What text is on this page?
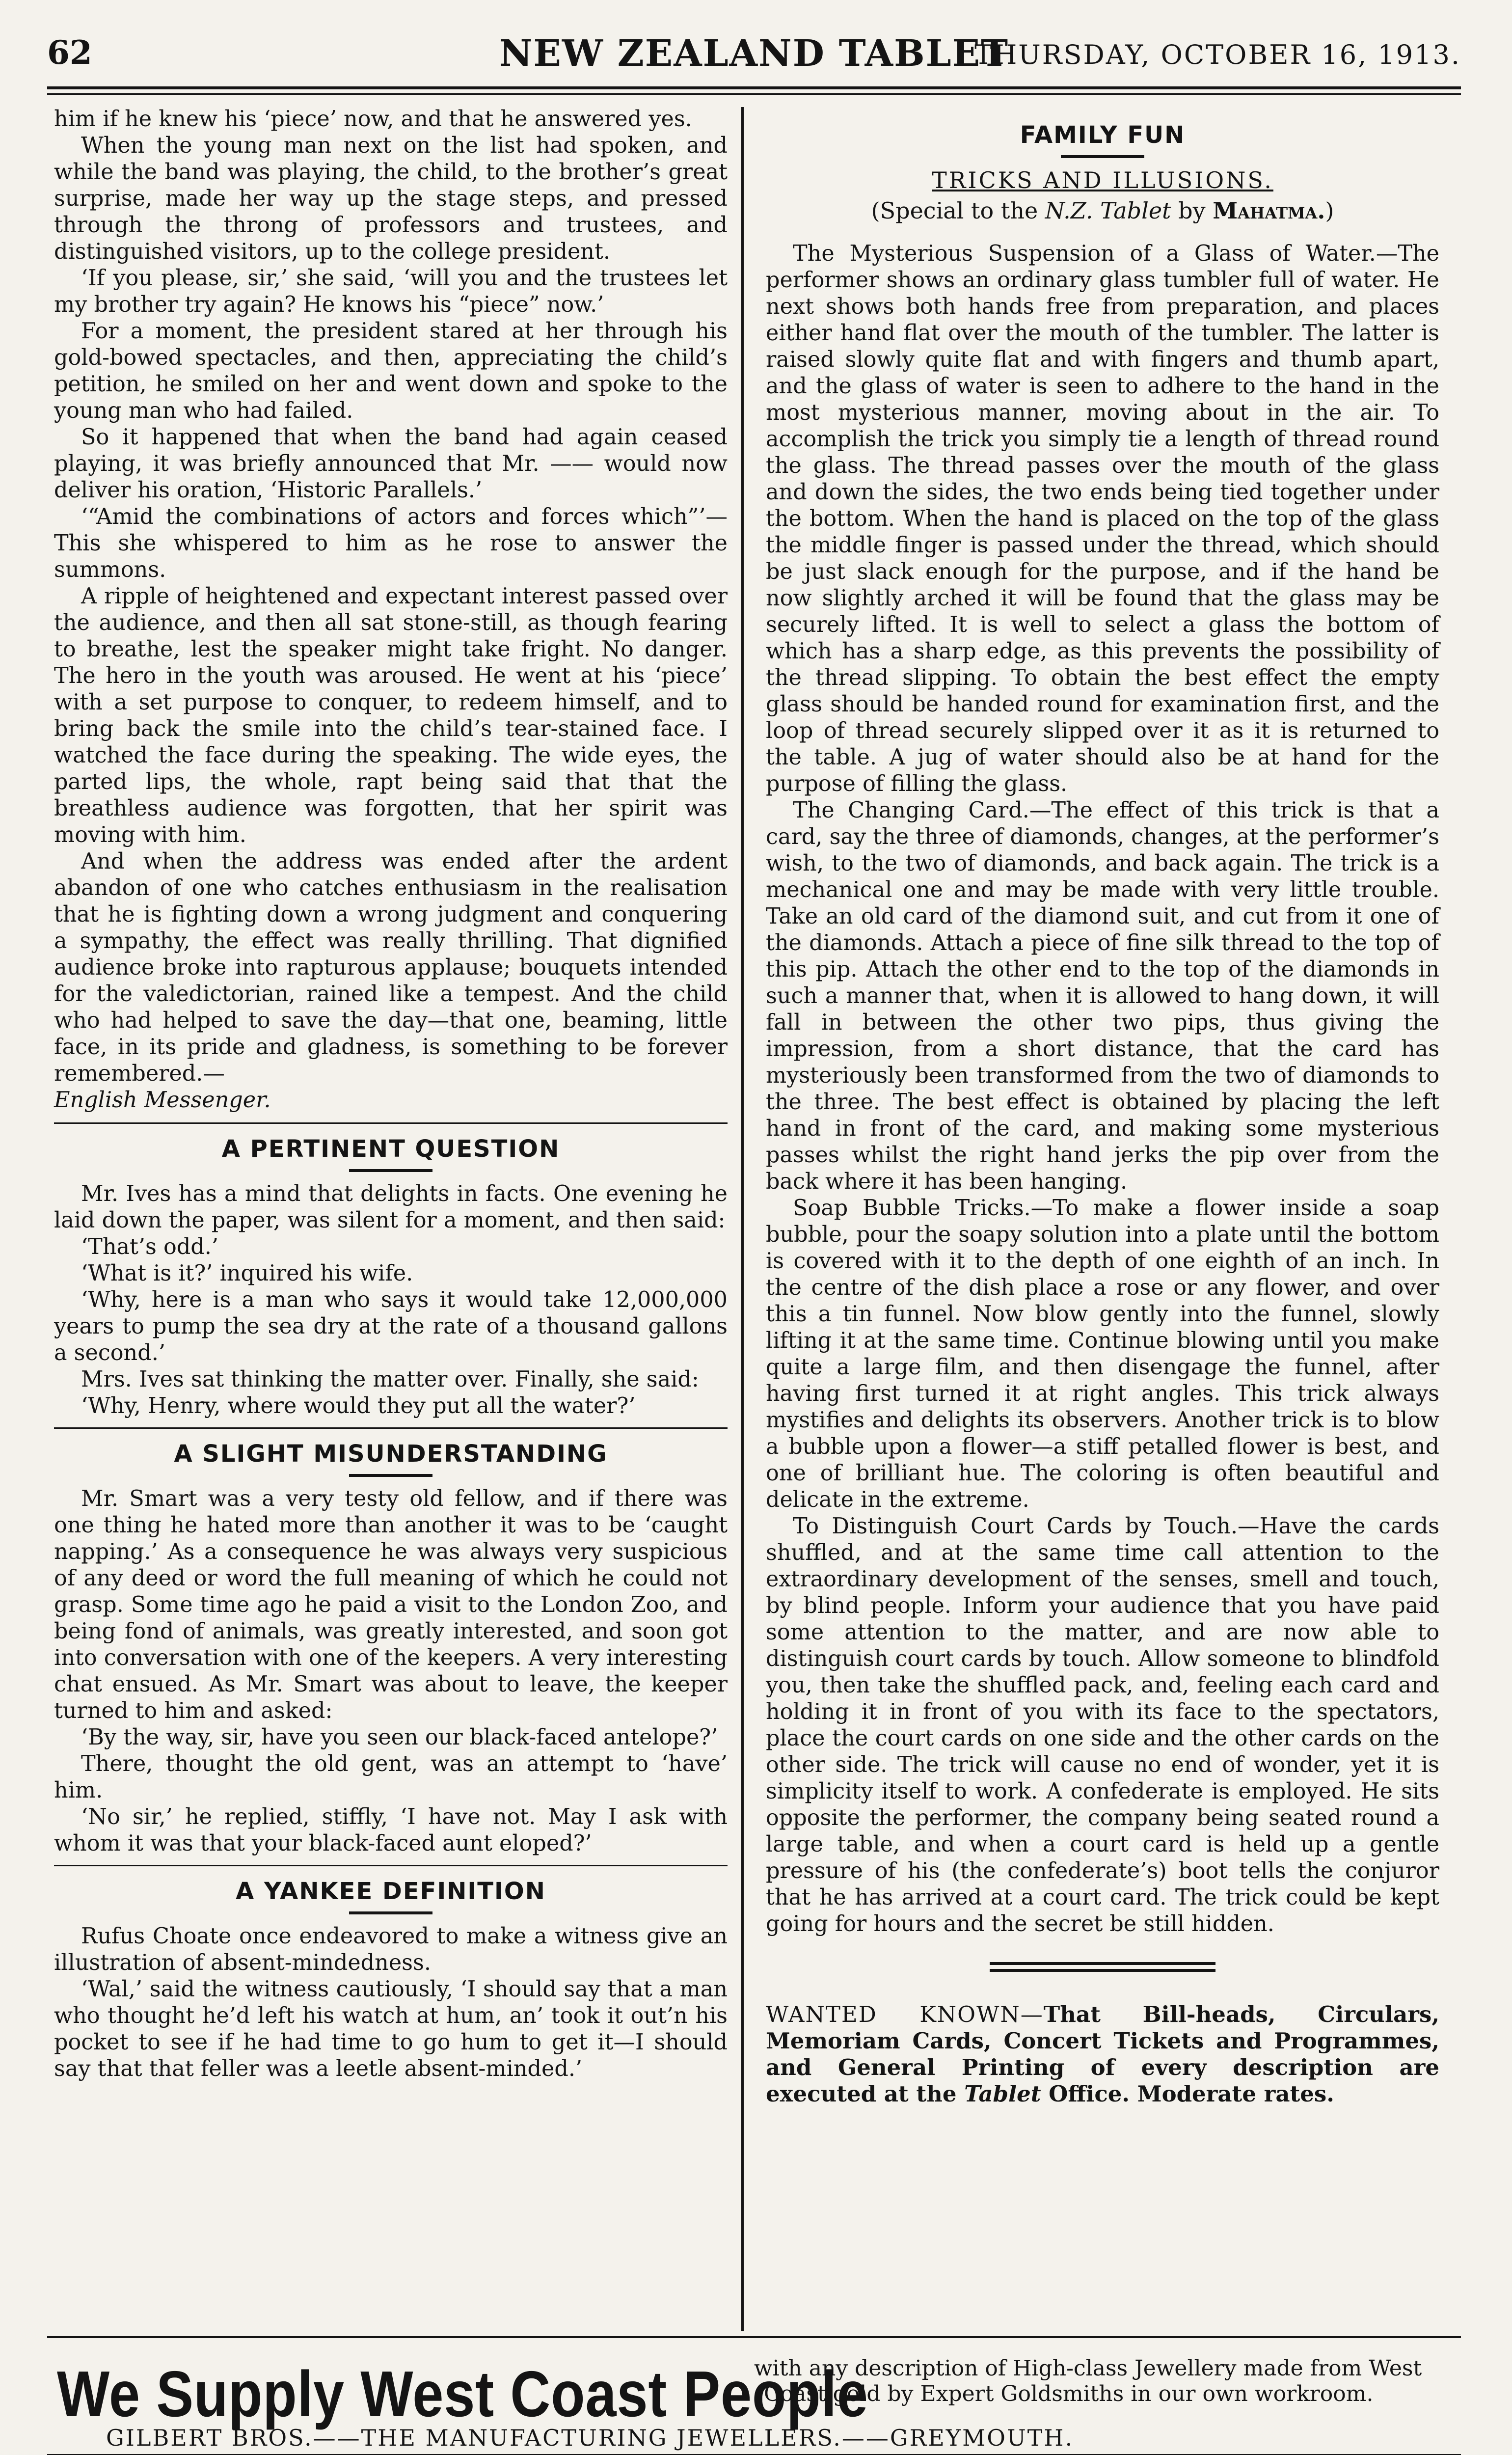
62	NEW ZEALAND TABLET
THURSDAY, OCTOBER 16, 1913.

him if he knew his ‘piece’ now, and that he answered yes.

When the young man next on the list had spoken, and while the band was playing, the child, to the brother’s great surprise, made her way up the stage steps, and pressed through the throng of professors and trustees, and distinguished visitors, up to the college president.

‘If you please, sir,’ she said, ‘will you and the trustees let my brother try again? He knows his “piece” now.’

For a moment, the president stared at her through his gold-bowed spectacles, and then, appreciating the child’s petition, he smiled on her and went down and spoke to the young man who had failed.

So it happened that when the band had again ceased playing, it was briefly announced that Mr. —— would now deliver his oration, ‘Historic Parallels.’

‘“Amid the combinations of actors and forces which”’—This she whispered to him as he rose to answer the summons.

A ripple of heightened and expectant interest passed over the audience, and then all sat stone-still, as though fearing to breathe, lest the speaker might take fright. No danger. The hero in the youth was aroused. He went at his ‘piece’ with a set purpose to conquer, to redeem himself, and to bring back the smile into the child’s tear-stained face. I watched the face during the speaking. The wide eyes, the parted lips, the whole, rapt being said that that the breathless audience was forgotten, that her spirit was moving with him.

And when the address was ended after the ardent abandon of one who catches enthusiasm in the realisation that he is fighting down a wrong judgment and conquering a sympathy, the effect was really thrilling. That dignified audience broke into rapturous applause; bouquets intended for the valedictorian, rained like a tempest. And the child who had helped to save the day—that one, beaming, little face, in its pride and gladness, is something to be forever remembered.—

English Messenger.

A PERTINENT QUESTION

Mr. Ives has a mind that delights in facts. One evening he laid down the paper, was silent for a moment, and then said:

‘That’s odd.’

‘What is it?’ inquired his wife.

‘Why, here is a man who says it would take 12,000,000 years to pump the sea dry at the rate of a thousand gallons a second.’

Mrs. Ives sat thinking the matter over. Finally, she said:

‘Why, Henry, where would they put all the water?’

A SLIGHT MISUNDERSTANDING

Mr. Smart was a very testy old fellow, and if there was one thing he hated more than another it was to be ‘caught napping.’ As a consequence he was always very suspicious of any deed or word the full meaning of which he could not grasp. Some time ago he paid a visit to the London Zoo, and being fond of animals, was greatly interested, and soon got into conversation with one of the keepers. A very interesting chat ensued. As Mr. Smart was about to leave, the keeper turned to him and asked:

‘By the way, sir, have you seen our black-faced antelope?’

There, thought the old gent, was an attempt to ‘have’ him.

‘No sir,’ he replied, stiffly, ‘I have not. May I ask with whom it was that your black-faced aunt eloped?’

A YANKEE DEFINITION

Rufus Choate once endeavored to make a witness give an illustration of absent-mindedness.

‘Wal,’ said the witness cautiously, ‘I should say that a man who thought he’d left his watch at hum, an’ took it out’n his pocket to see if he had time to go hum to get it—I should say that that feller was a leetle absent-minded.’

FAMILY FUN
TRICKS AND ILLUSIONS.
(Special to the N.Z. Tablet by Mahatma.)

The Mysterious Suspension of a Glass of Water.—The performer shows an ordinary glass tumbler full of water. He next shows both hands free from preparation, and places either hand flat over the mouth of the tumbler. The latter is raised slowly quite flat and with fingers and thumb apart, and the glass of water is seen to adhere to the hand in the most mysterious manner, moving about in the air. To accomplish the trick you simply tie a length of thread round the glass. The thread passes over the mouth of the glass and down the sides, the two ends being tied together under the bottom. When the hand is placed on the top of the glass the middle finger is passed under the thread, which should be just slack enough for the purpose, and if the hand be now slightly arched it will be found that the glass may be securely lifted. It is well to select a glass the bottom of which has a sharp edge, as this prevents the possibility of the thread slipping. To obtain the best effect the empty glass should be handed round for examination first, and the loop of thread securely slipped over it as it is returned to the table. A jug of water should also be at hand for the purpose of filling the glass.

The Changing Card.—The effect of this trick is that a card, say the three of diamonds, changes, at the performer’s wish, to the two of diamonds, and back again. The trick is a mechanical one and may be made with very little trouble. Take an old card of the diamond suit, and cut from it one of the diamonds. Attach a piece of fine silk thread to the top of this pip. Attach the other end to the top of the diamonds in such a manner that, when it is allowed to hang down, it will fall in between the other two pips, thus giving the impression, from a short distance, that the card has mysteriously been transformed from the two of diamonds to the three. The best effect is obtained by placing the left hand in front of the card, and making some mysterious passes whilst the right hand jerks the pip over from the back where it has been hanging.

Soap Bubble Tricks.—To make a flower inside a soap bubble, pour the soapy solution into a plate until the bottom is covered with it to the depth of one eighth of an inch. In the centre of the dish place a rose or any flower, and over this a tin funnel. Now blow gently into the funnel, slowly lifting it at the same time. Continue blowing until you make quite a large film, and then disengage the funnel, after having first turned it at right angles. This trick always mystifies and delights its observers. Another trick is to blow a bubble upon a flower—a stiff petalled flower is best, and one of brilliant hue. The coloring is often beautiful and delicate in the extreme.

To Distinguish Court Cards by Touch.—Have the cards shuffled, and at the same time call attention to the extraordinary development of the senses, smell and touch, by blind people. Inform your audience that you have paid some attention to the matter, and are now able to distinguish court cards by touch. Allow someone to blindfold you, then take the shuffled pack, and, feeling each card and holding it in front of you with its face to the spectators, place the court cards on one side and the other cards on the other side. The trick will cause no end of wonder, yet it is simplicity itself to work. A confederate is employed. He sits opposite the performer, the company being seated round a large table, and when a court card is held up a gentle pressure of his (the confederate’s) boot tells the conjuror that he has arrived at a court card. The trick could be kept going for hours and the secret be still hidden.

WANTED KNOWN—That Bill-heads, Circulars, Memoriam Cards, Concert Tickets and Programmes, and General Printing of every description are executed at the Tablet Office. Moderate rates.

We Supply West Coast People
with any description of High-class Jewellery made from West
Coast gold by Expert Goldsmiths in our own workroom.
GILBERT BROS.——THE MANUFACTURING JEWELLERS.——GREYMOUTH.
